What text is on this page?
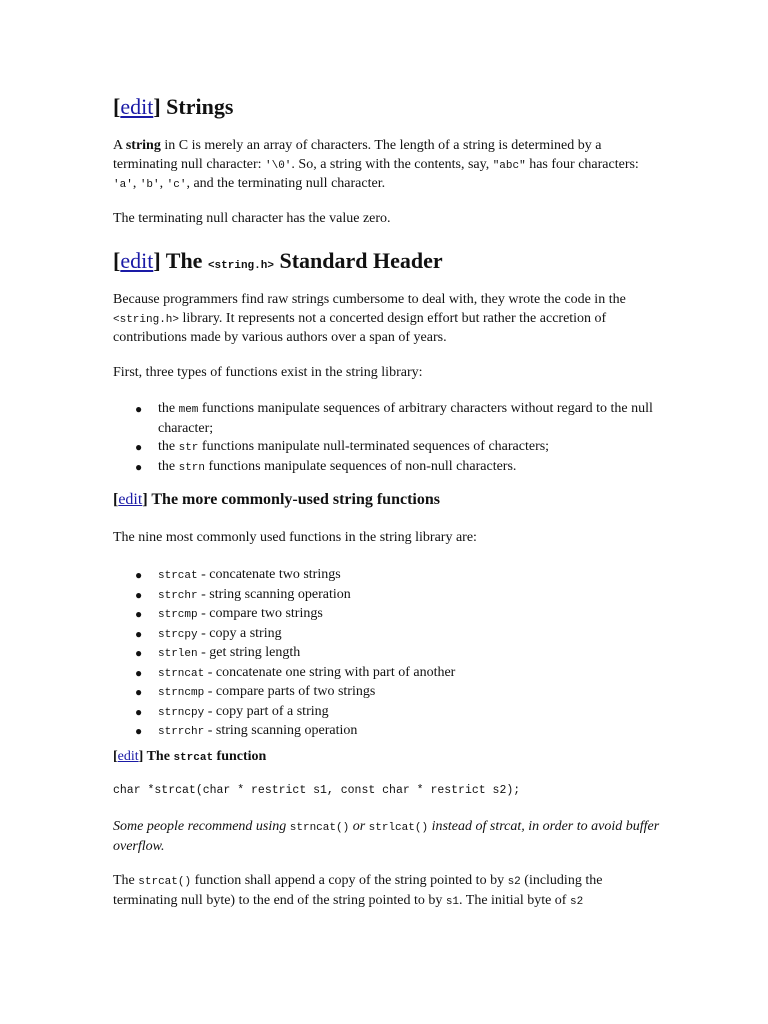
[edit] Strings

A string in C is merely an array of characters. The length of a string is determined by a terminating null character: '\0'. So, a string with the contents, say, "abc" has four characters: 'a', 'b', 'c', and the terminating null character.

The terminating null character has the value zero.

[edit] The <string.h> Standard Header

Because programmers find raw strings cumbersome to deal with, they wrote the code in the <string.h> library. It represents not a concerted design effort but rather the accretion of contributions made by various authors over a span of years.

First, three types of functions exist in the string library:

● the mem functions manipulate sequences of arbitrary characters without regard to the null character;
● the str functions manipulate null-terminated sequences of characters;
● the strn functions manipulate sequences of non-null characters.
[edit] The more commonly-used string functions

The nine most commonly used functions in the string library are:

● strcat - concatenate two strings
● strchr - string scanning operation
● strcmp - compare two strings
● strcpy - copy a string
● strlen - get string length
● strncat - concatenate one string with part of another
● strncmp - compare parts of two strings
● strncpy - copy part of a string
● strrchr - string scanning operation
[edit] The strcat function
char *strcat(char * restrict s1, const char * restrict s2);

Some people recommend using strncat() or strlcat() instead of strcat, in order to avoid buffer overflow.

The strcat() function shall append a copy of the string pointed to by s2 (including the terminating null byte) to the end of the string pointed to by s1. The initial byte of s2
